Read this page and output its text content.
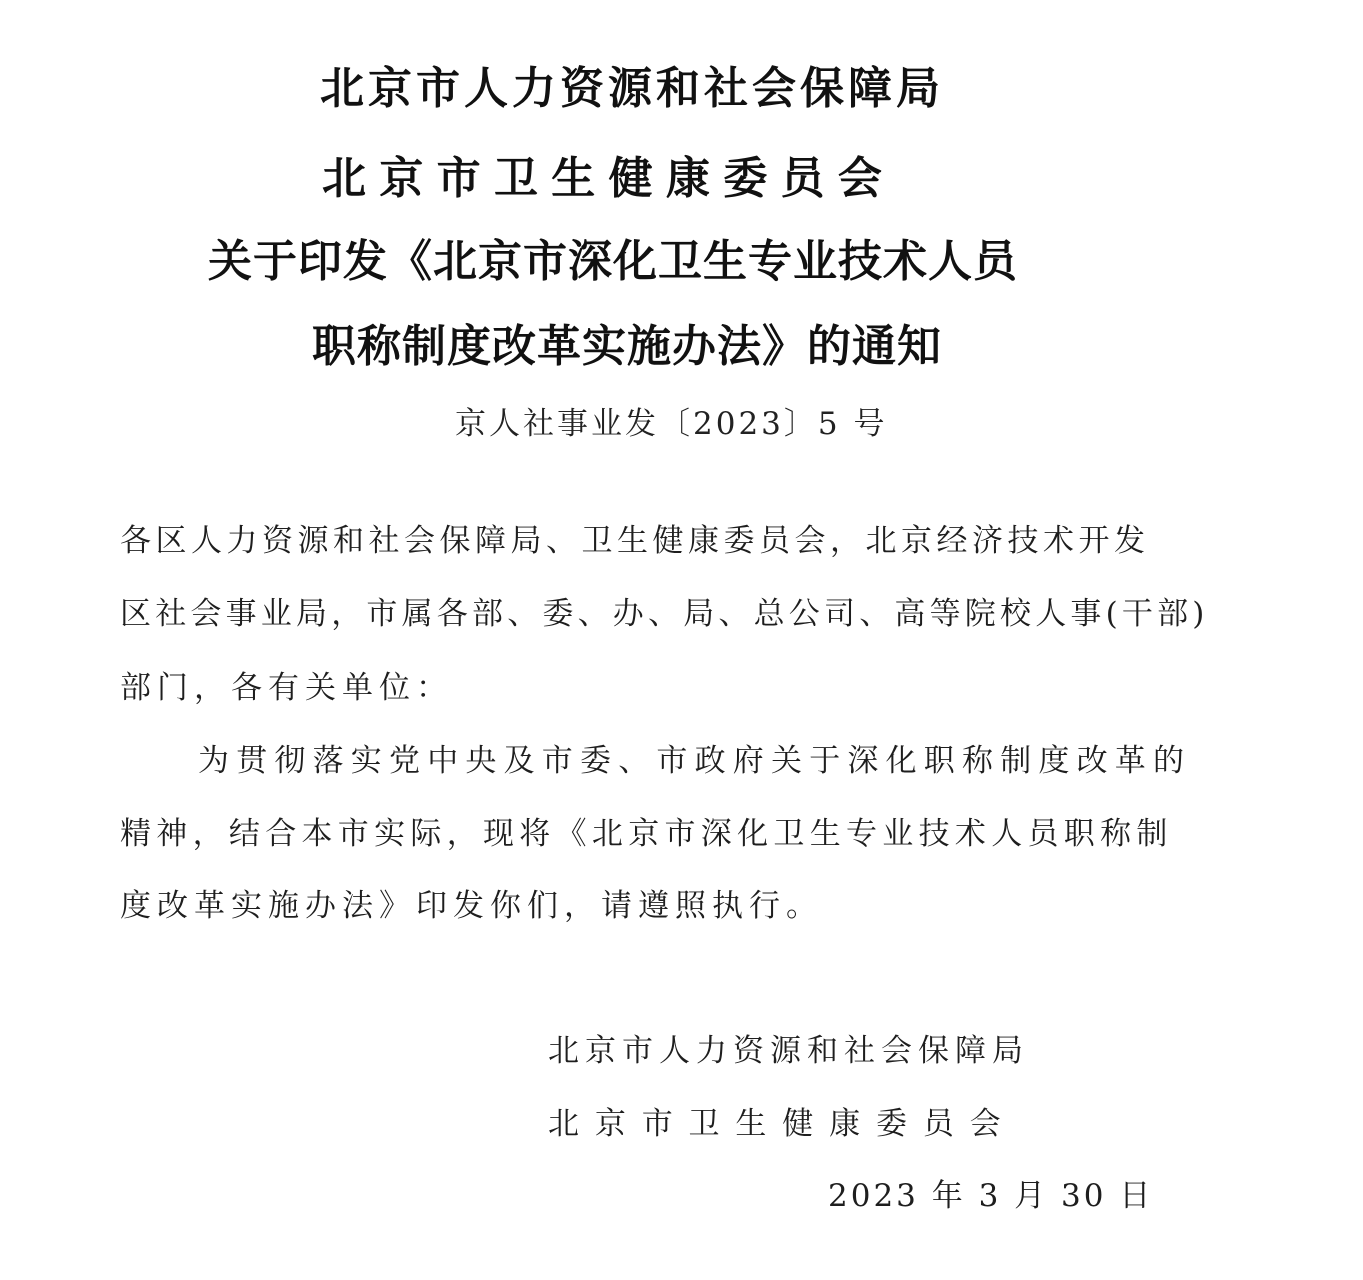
北京市人力资源和社会保障局
北 京 市 卫 生 健 康 委 员 会
关于印发《北京市深化卫生专业技术人员
职称制度改革实施办法》的通知
京人社事业发〔2023〕5 号
各区人力资源和社会保障局、卫生健康委员会，北京经济技术开发
区社会事业局，市属各部、委、办、局、总公司、高等院校人事(干部)
部门，各有关单位：
为贯彻落实党中央及市委、市政府关于深化职称制度改革的
精神，结合本市实际，现将《北京市深化卫生专业技术人员职称制
度改革实施办法》印发你们，请遵照执行。
北京市人力资源和社会保障局
北 京 市 卫 生 健 康 委 员 会
2023 年 3 月 30 日
